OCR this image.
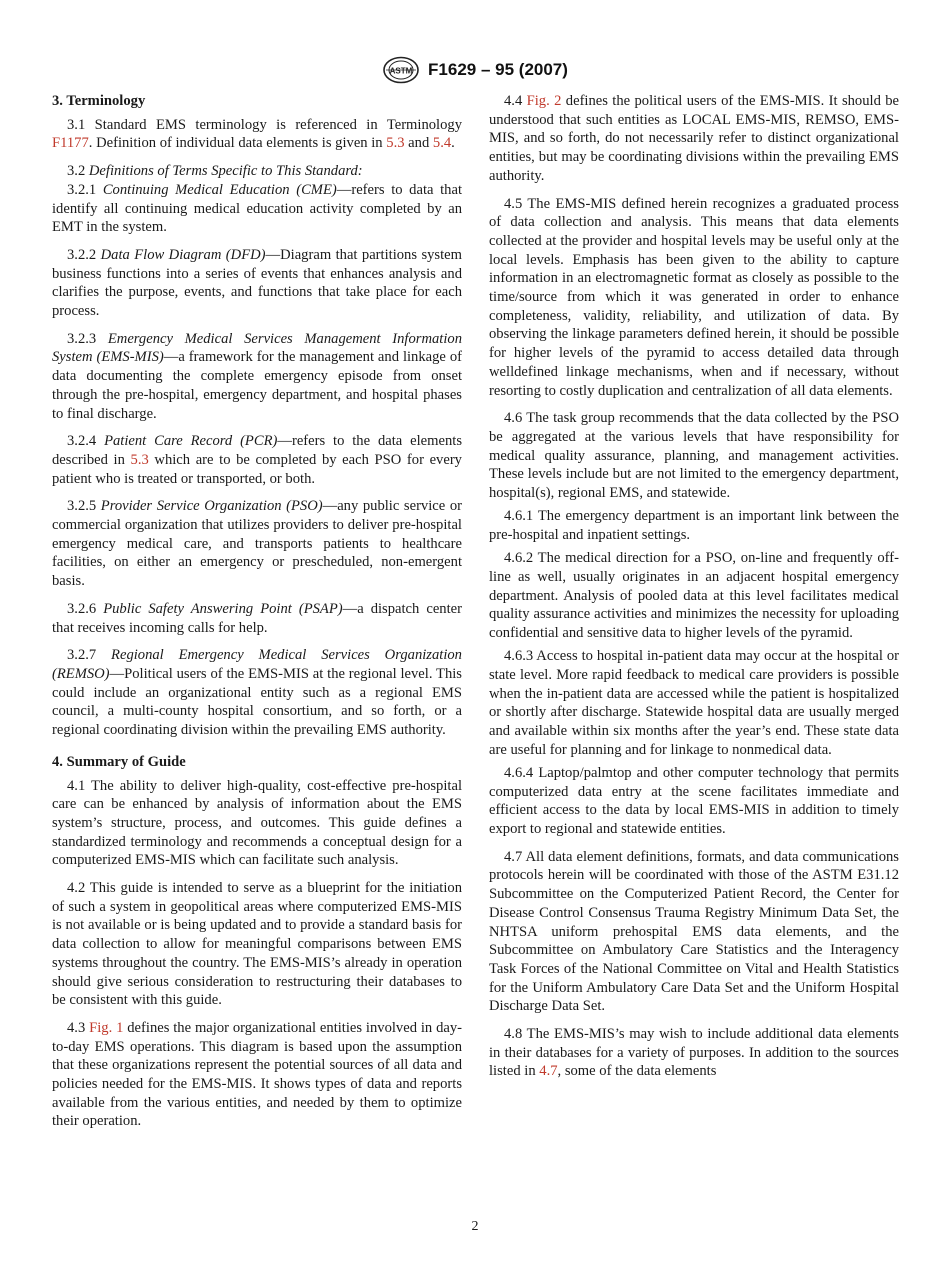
ASTM F1629 – 95 (2007)
3. Terminology

3.1 Standard EMS terminology is referenced in Terminology F1177. Definition of individual data elements is given in 5.3 and 5.4.

3.2 Definitions of Terms Specific to This Standard:

3.2.1 Continuing Medical Education (CME)—refers to data that identify all continuing medical education activity completed by an EMT in the system.

3.2.2 Data Flow Diagram (DFD)—Diagram that partitions system business functions into a series of events that enhances analysis and clarifies the purpose, events, and functions that take place for each process.

3.2.3 Emergency Medical Services Management Information System (EMS-MIS)—a framework for the management and linkage of data documenting the complete emergency episode from onset through the pre-hospital, emergency department, and hospital phases to final discharge.

3.2.4 Patient Care Record (PCR)—refers to the data elements described in 5.3 which are to be completed by each PSO for every patient who is treated or transported, or both.

3.2.5 Provider Service Organization (PSO)—any public service or commercial organization that utilizes providers to deliver pre-hospital emergency medical care, and transports patients to healthcare facilities, on either an emergency or prescheduled, non-emergent basis.

3.2.6 Public Safety Answering Point (PSAP)—a dispatch center that receives incoming calls for help.

3.2.7 Regional Emergency Medical Services Organization (REMSO)—Political users of the EMS-MIS at the regional level. This could include an organizational entity such as a regional EMS council, a multi-county hospital consortium, and so forth, or a regional coordinating division within the prevailing EMS authority.

4. Summary of Guide

4.1 The ability to deliver high-quality, cost-effective pre-hospital care can be enhanced by analysis of information about the EMS system’s structure, process, and outcomes. This guide defines a standardized terminology and recommends a conceptual design for a computerized EMS-MIS which can facilitate such analysis.

4.2 This guide is intended to serve as a blueprint for the initiation of such a system in geopolitical areas where computerized EMS-MIS is not available or is being updated and to provide a standard basis for data collection to allow for meaningful comparisons between EMS systems throughout the country. The EMS-MIS’s already in operation should give serious consideration to restructuring their databases to be consistent with this guide.

4.3 Fig. 1 defines the major organizational entities involved in day-to-day EMS operations. This diagram is based upon the assumption that these organizations represent the potential sources of all data and policies needed for the EMS-MIS. It shows types of data and reports available from the various entities, and needed by them to optimize their operation.

4.4 Fig. 2 defines the political users of the EMS-MIS. It should be understood that such entities as LOCAL EMS-MIS, REMSO, EMS-MIS, and so forth, do not necessarily refer to distinct organizational entities, but may be coordinating divisions within the prevailing EMS authority.

4.5 The EMS-MIS defined herein recognizes a graduated process of data collection and analysis. This means that data elements collected at the provider and hospital levels may be useful only at the local levels. Emphasis has been given to the ability to capture information in an electromagnetic format as closely as possible to the time/source from which it was generated in order to enhance completeness, validity, reliability, and utilization of data. By observing the linkage parameters defined herein, it should be possible for higher levels of the pyramid to access detailed data through welldefined linkage mechanisms, when and if necessary, without resorting to costly duplication and centralization of all data elements.

4.6 The task group recommends that the data collected by the PSO be aggregated at the various levels that have responsibility for medical quality assurance, planning, and management activities. These levels include but are not limited to the emergency department, hospital(s), regional EMS, and statewide.

4.6.1 The emergency department is an important link between the pre-hospital and inpatient settings.

4.6.2 The medical direction for a PSO, on-line and frequently off-line as well, usually originates in an adjacent hospital emergency department. Analysis of pooled data at this level facilitates medical quality assurance activities and minimizes the necessity for uploading confidential and sensitive data to higher levels of the pyramid.

4.6.3 Access to hospital in-patient data may occur at the hospital or state level. More rapid feedback to medical care providers is possible when the in-patient data are accessed while the patient is hospitalized or shortly after discharge. Statewide hospital data are usually merged and available within six months after the year’s end. These state data are useful for planning and for linkage to nonmedical data.

4.6.4 Laptop/palmtop and other computer technology that permits computerized data entry at the scene facilitates immediate and efficient access to the data by local EMS-MIS in addition to timely export to regional and statewide entities.

4.7 All data element definitions, formats, and data communications protocols herein will be coordinated with those of the ASTM E31.12 Subcommittee on the Computerized Patient Record, the Center for Disease Control Consensus Trauma Registry Minimum Data Set, the NHTSA uniform prehospital EMS data elements, and the Subcommittee on Ambulatory Care Statistics and the Interagency Task Forces of the National Committee on Vital and Health Statistics for the Uniform Ambulatory Care Data Set and the Uniform Hospital Discharge Data Set.

4.8 The EMS-MIS’s may wish to include additional data elements in their databases for a variety of purposes. In addition to the sources listed in 4.7, some of the data elements

2
